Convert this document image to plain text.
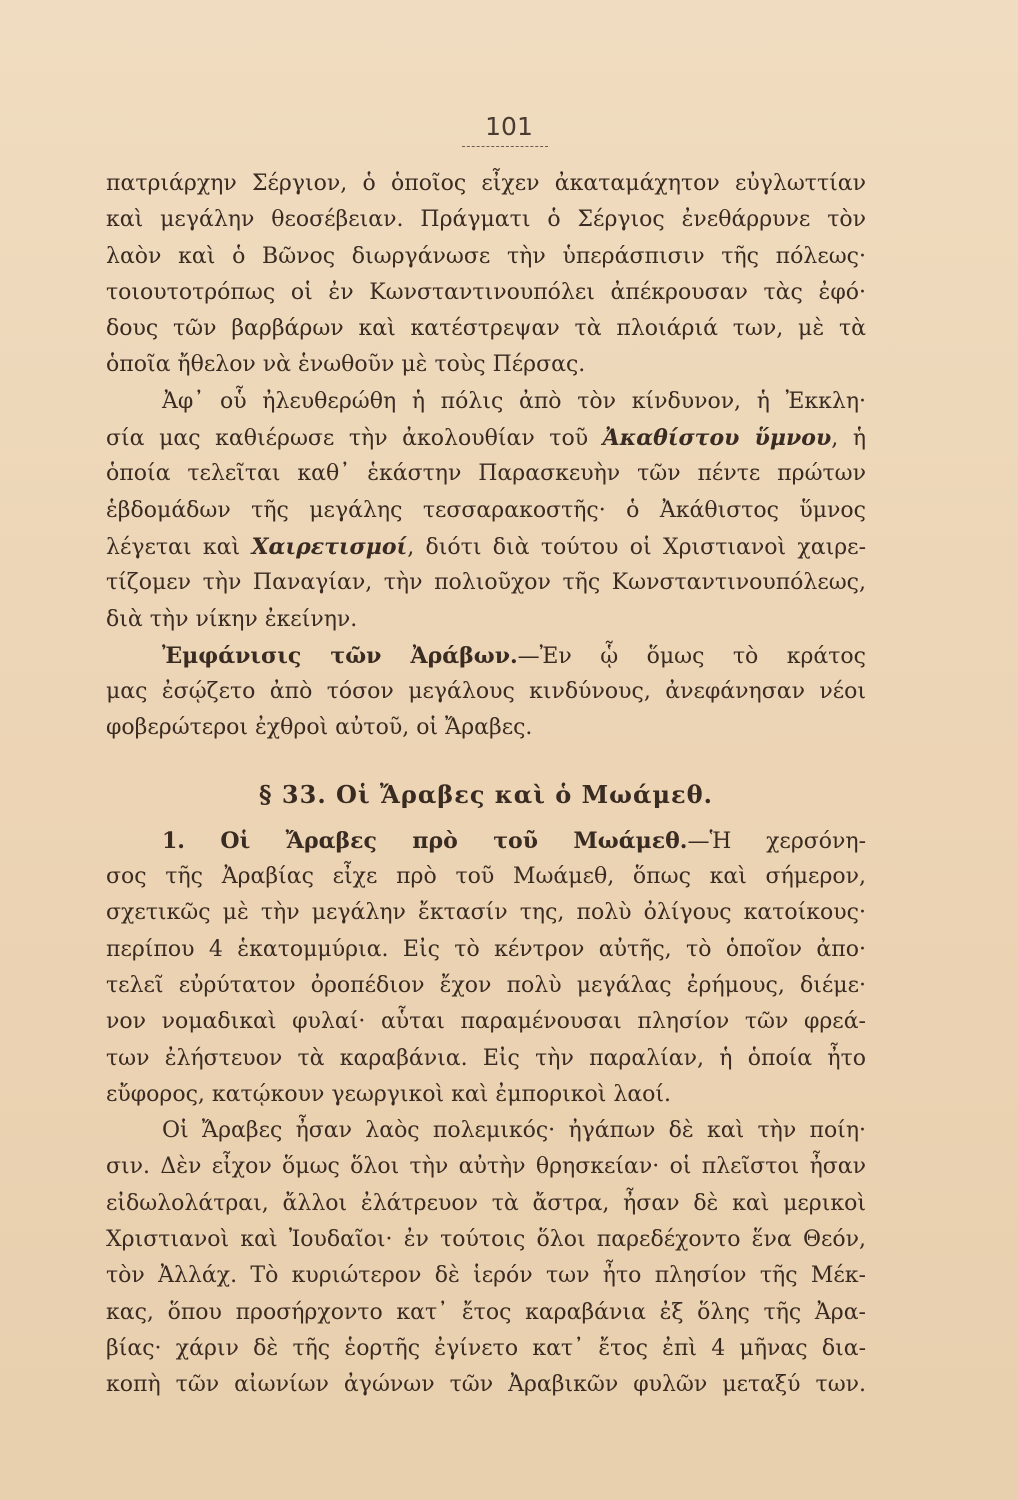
101
πατριάρχην Σέργιον, ὁ ὁποῖος εἶχεν ἀκαταμάχητον εὐγλωττίαν
καὶ μεγάλην θεοσέβειαν. Πράγματι ὁ Σέργιος ἐνεθάρρυνε τὸν
λαὸν καὶ ὁ Βῶνος διωργάνωσε τὴν ὑπεράσπισιν τῆς πόλεως·
τοιουτοτρόπως οἱ ἐν Κωνσταντινουπόλει ἀπέκρουσαν τὰς ἐφό·
δους τῶν βαρβάρων καὶ κατέστρεψαν τὰ πλοιάριά των, μὲ τὰ
ὁποῖα ἤθελον νὰ ἑνωθοῦν μὲ τοὺς Πέρσας.
Ἀφ᾽ οὗ ἠλευθερώθη ἡ πόλις ἀπὸ τὸν κίνδυνον, ἡ Ἐκκλη·
σία μας καθιέρωσε τὴν ἀκολουθίαν τοῦ Ἀκαθίστου ὕμνου, ἡ
ὁποία τελεῖται καθ᾽ ἑκάστην Παρασκευὴν τῶν πέντε πρώτων
ἑβδομάδων τῆς μεγάλης τεσσαρακοστῆς· ὁ Ἀκάθιστος ὕμνος
λέγεται καὶ Χαιρετισμοί, διότι διὰ τούτου οἱ Χριστιανοὶ χαιρε-
τίζομεν τὴν Παναγίαν, τὴν πολιοῦχον τῆς Κωνσταντινουπόλεως,
διὰ τὴν νίκην ἐκείνην.
Ἐμφάνισις τῶν Ἀράβων.—Ἐν ᾧ ὅμως τὸ κράτος
μας ἐσῴζετο ἀπὸ τόσον μεγάλους κινδύνους, ἀνεφάνησαν νέοι
φοβερώτεροι ἐχθροὶ αὐτοῦ, οἱ Ἄραβες.
§ 33. Οἱ Ἄραβες καὶ ὁ Μωάμεθ.
1. Οἱ Ἄραβες πρὸ τοῦ Μωάμεθ.—Ἡ χερσόνη-
σος τῆς Ἀραβίας εἶχε πρὸ τοῦ Μωάμεθ, ὅπως καὶ σήμερον,
σχετικῶς μὲ τὴν μεγάλην ἔκτασίν της, πολὺ ὀλίγους κατοίκους·
περίπου 4 ἑκατομμύρια. Εἰς τὸ κέντρον αὐτῆς, τὸ ὁποῖον ἀπο·
τελεῖ εὐρύτατον ὀροπέδιον ἔχον πολὺ μεγάλας ἐρήμους, διέμε·
νον νομαδικαὶ φυλαί· αὗται παραμένουσαι πλησίον τῶν φρεά-
των ἐλήστευον τὰ καραβάνια. Εἰς τὴν παραλίαν, ἡ ὁποία ἦτο
εὔφορος, κατῴκουν γεωργικοὶ καὶ ἐμπορικοὶ λαοί.
Οἱ Ἄραβες ἦσαν λαὸς πολεμικός· ἠγάπων δὲ καὶ τὴν ποίη·
σιν. Δὲν εἶχον ὅμως ὅλοι τὴν αὐτὴν θρησκείαν· οἱ πλεῖστοι ἦσαν
εἰδωλολάτραι, ἄλλοι ἐλάτρευον τὰ ἄστρα, ἦσαν δὲ καὶ μερικοὶ
Χριστιανοὶ καὶ Ἰουδαῖοι· ἐν τούτοις ὅλοι παρεδέχοντο ἕνα Θεόν,
τὸν Ἀλλάχ. Τὸ κυριώτερον δὲ ἱερόν των ἦτο πλησίον τῆς Μέκ-
κας, ὅπου προσήρχοντο κατ᾽ ἔτος καραβάνια ἐξ ὅλης τῆς Ἀρα-
βίας· χάριν δὲ τῆς ἑορτῆς ἐγίνετο κατ᾽ ἔτος ἐπὶ 4 μῆνας δια-
κοπὴ τῶν αἰωνίων ἀγώνων τῶν Ἀραβικῶν φυλῶν μεταξύ των.
